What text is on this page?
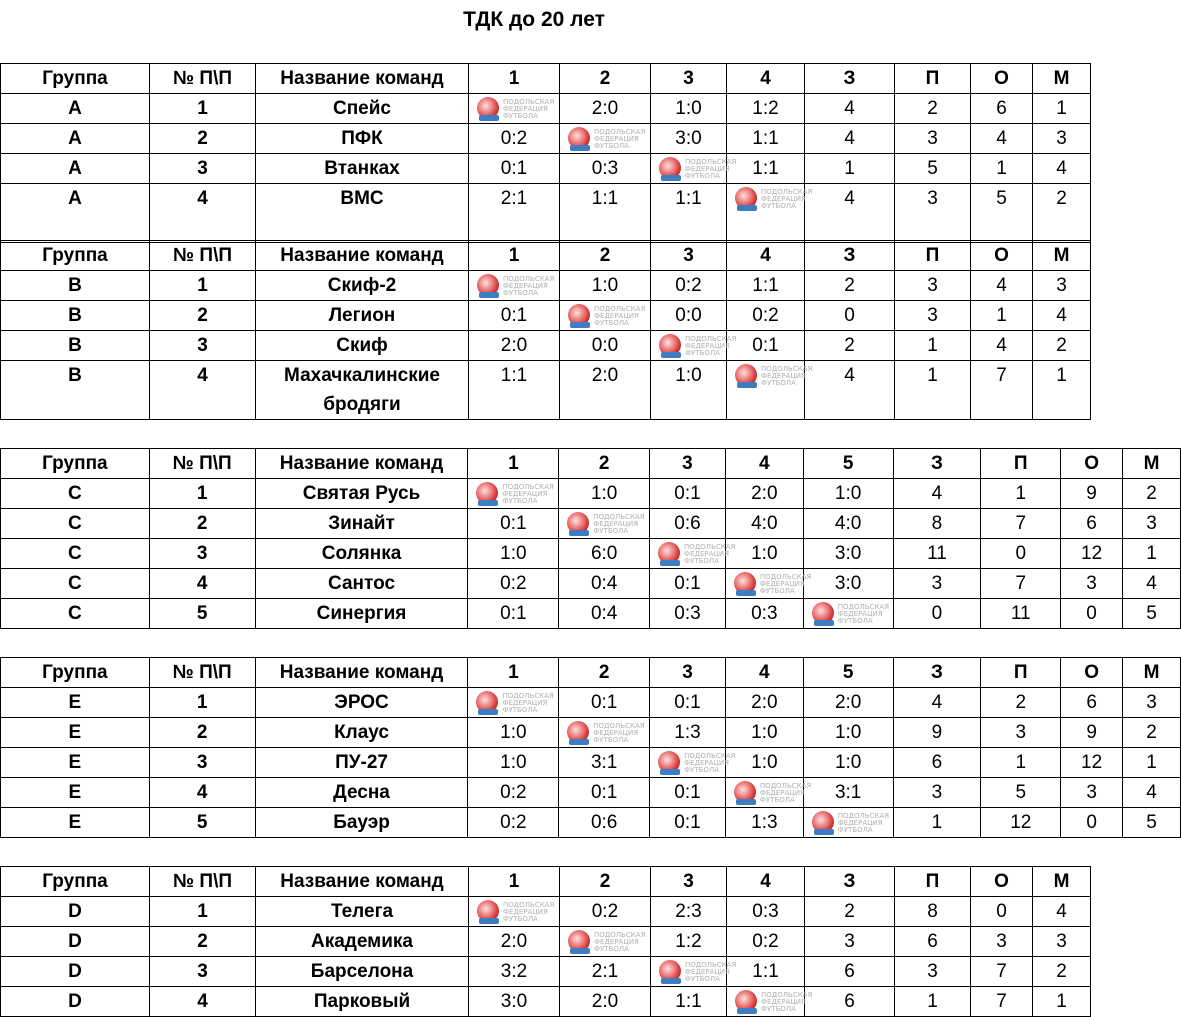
ТДК до 20 лет
Группа	№ П\П	Название команд	1	2	3	4	З	П	О	М
A	1	Спейс	ПОДОЛЬСКАЯ ФЕДЕРАЦИЯ ФУТБОЛА	2:0	1:0	1:2	4	2	6	1
A	2	ПФК	0:2	ПОДОЛЬСКАЯ ФЕДЕРАЦИЯ ФУТБОЛА	3:0	1:1	4	3	4	3
A	3	Втанках	0:1	0:3	ПОДОЛЬСКАЯ ФЕДЕРАЦИЯ ФУТБОЛА	1:1	1	5	1	4
A	4	ВМС	2:1	1:1	1:1	ПОДОЛЬСКАЯ ФЕДЕРАЦИЯ ФУТБОЛА	4	3	5	2
Группа	№ П\П	Название команд	1	2	3	4	З	П	О	М
B	1	Скиф-2	ПОДОЛЬСКАЯ ФЕДЕРАЦИЯ ФУТБОЛА	1:0	0:2	1:1	2	3	4	3
B	2	Легион	0:1	ПОДОЛЬСКАЯ ФЕДЕРАЦИЯ ФУТБОЛА	0:0	0:2	0	3	1	4
B	3	Скиф	2:0	0:0	ПОДОЛЬСКАЯ ФЕДЕРАЦИЯ ФУТБОЛА	0:1	2	1	4	2
B	4	Махачкалинские бродяги	1:1	2:0	1:0	ПОДОЛЬСКАЯ ФЕДЕРАЦИЯ ФУТБОЛА	4	1	7	1
Группа	№ П\П	Название команд	1	2	3	4	5	З	П	О	М
C	1	Святая Русь	ПОДОЛЬСКАЯ ФЕДЕРАЦИЯ ФУТБОЛА	1:0	0:1	2:0	1:0	4	1	9	2
C	2	Зинайт	0:1	ПОДОЛЬСКАЯ ФЕДЕРАЦИЯ ФУТБОЛА	0:6	4:0	4:0	8	7	6	3
C	3	Солянка	1:0	6:0	ПОДОЛЬСКАЯ ФЕДЕРАЦИЯ ФУТБОЛА	1:0	3:0	11	0	12	1
C	4	Сантос	0:2	0:4	0:1	ПОДОЛЬСКАЯ ФЕДЕРАЦИЯ ФУТБОЛА	3:0	3	7	3	4
C	5	Синергия	0:1	0:4	0:3	0:3	ПОДОЛЬСКАЯ ФЕДЕРАЦИЯ ФУТБОЛА	0	11	0	5
Группа	№ П\П	Название команд	1	2	3	4	5	З	П	О	М
E	1	ЭРОС	ПОДОЛЬСКАЯ ФЕДЕРАЦИЯ ФУТБОЛА	0:1	0:1	2:0	2:0	4	2	6	3
E	2	Клаус	1:0	ПОДОЛЬСКАЯ ФЕДЕРАЦИЯ ФУТБОЛА	1:3	1:0	1:0	9	3	9	2
E	3	ПУ-27	1:0	3:1	ПОДОЛЬСКАЯ ФЕДЕРАЦИЯ ФУТБОЛА	1:0	1:0	6	1	12	1
E	4	Десна	0:2	0:1	0:1	ПОДОЛЬСКАЯ ФЕДЕРАЦИЯ ФУТБОЛА	3:1	3	5	3	4
E	5	Бауэр	0:2	0:6	0:1	1:3	ПОДОЛЬСКАЯ ФЕДЕРАЦИЯ ФУТБОЛА	1	12	0	5
Группа	№ П\П	Название команд	1	2	3	4	З	П	О	М
D	1	Телега	ПОДОЛЬСКАЯ ФЕДЕРАЦИЯ ФУТБОЛА	0:2	2:3	0:3	2	8	0	4
D	2	Академика	2:0	ПОДОЛЬСКАЯ ФЕДЕРАЦИЯ ФУТБОЛА	1:2	0:2	3	6	3	3
D	3	Барселона	3:2	2:1	ПОДОЛЬСКАЯ ФЕДЕРАЦИЯ ФУТБОЛА	1:1	6	3	7	2
D	4	Парковый	3:0	2:0	1:1	ПОДОЛЬСКАЯ ФЕДЕРАЦИЯ ФУТБОЛА	6	1	7	1
